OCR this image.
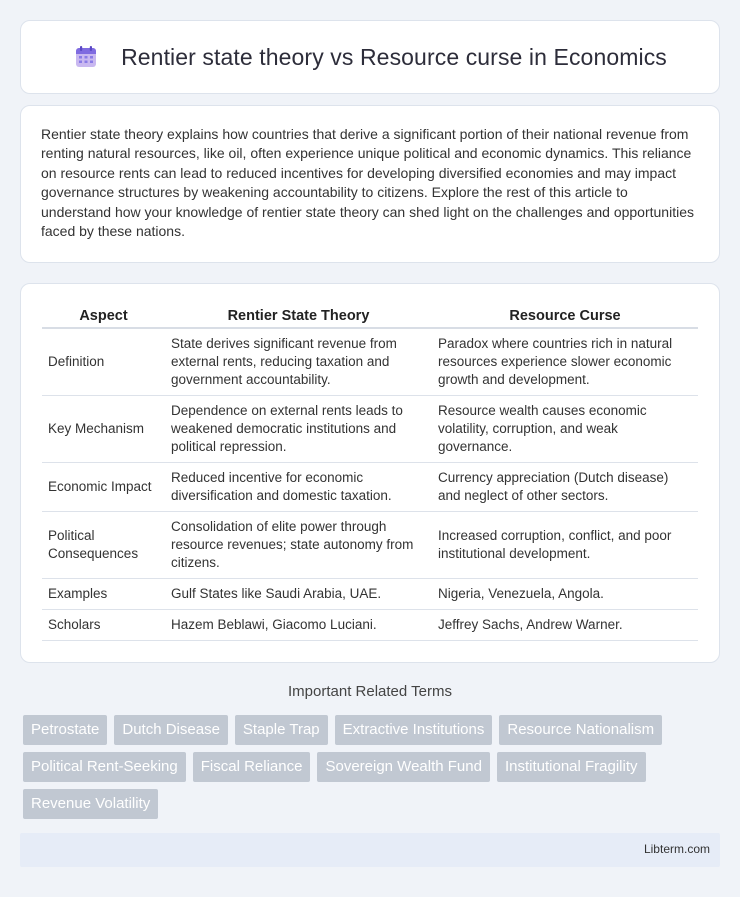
Rentier state theory vs Resource curse in Economics

Rentier state theory explains how countries that derive a significant portion of their national revenue from renting natural resources, like oil, often experience unique political and economic dynamics. This reliance on resource rents can lead to reduced incentives for developing diversified economies and may impact governance structures by weakening accountability to citizens. Explore the rest of this article to understand how your knowledge of rentier state theory can shed light on the challenges and opportunities faced by these nations.

Aspect	Rentier State Theory	Resource Curse
Definition	State derives significant revenue from external rents, reducing taxation and government accountability.	Paradox where countries rich in natural resources experience slower economic growth and development.
Key Mechanism	Dependence on external rents leads to weakened democratic institutions and political repression.	Resource wealth causes economic volatility, corruption, and weak governance.
Economic Impact	Reduced incentive for economic diversification and domestic taxation.	Currency appreciation (Dutch disease) and neglect of other sectors.
Political Consequences	Consolidation of elite power through resource revenues; state autonomy from citizens.	Increased corruption, conflict, and poor institutional development.
Examples	Gulf States like Saudi Arabia, UAE.	Nigeria, Venezuela, Angola.
Scholars	Hazem Beblawi, Giacomo Luciani.	Jeffrey Sachs, Andrew Warner.
Important Related Terms
Petrostate	Dutch Disease	Staple Trap	Extractive Institutions	Resource Nationalism
Political Rent-Seeking	Fiscal Reliance	Sovereign Wealth Fund	Institutional Fragility
Revenue Volatility
Libterm.com
